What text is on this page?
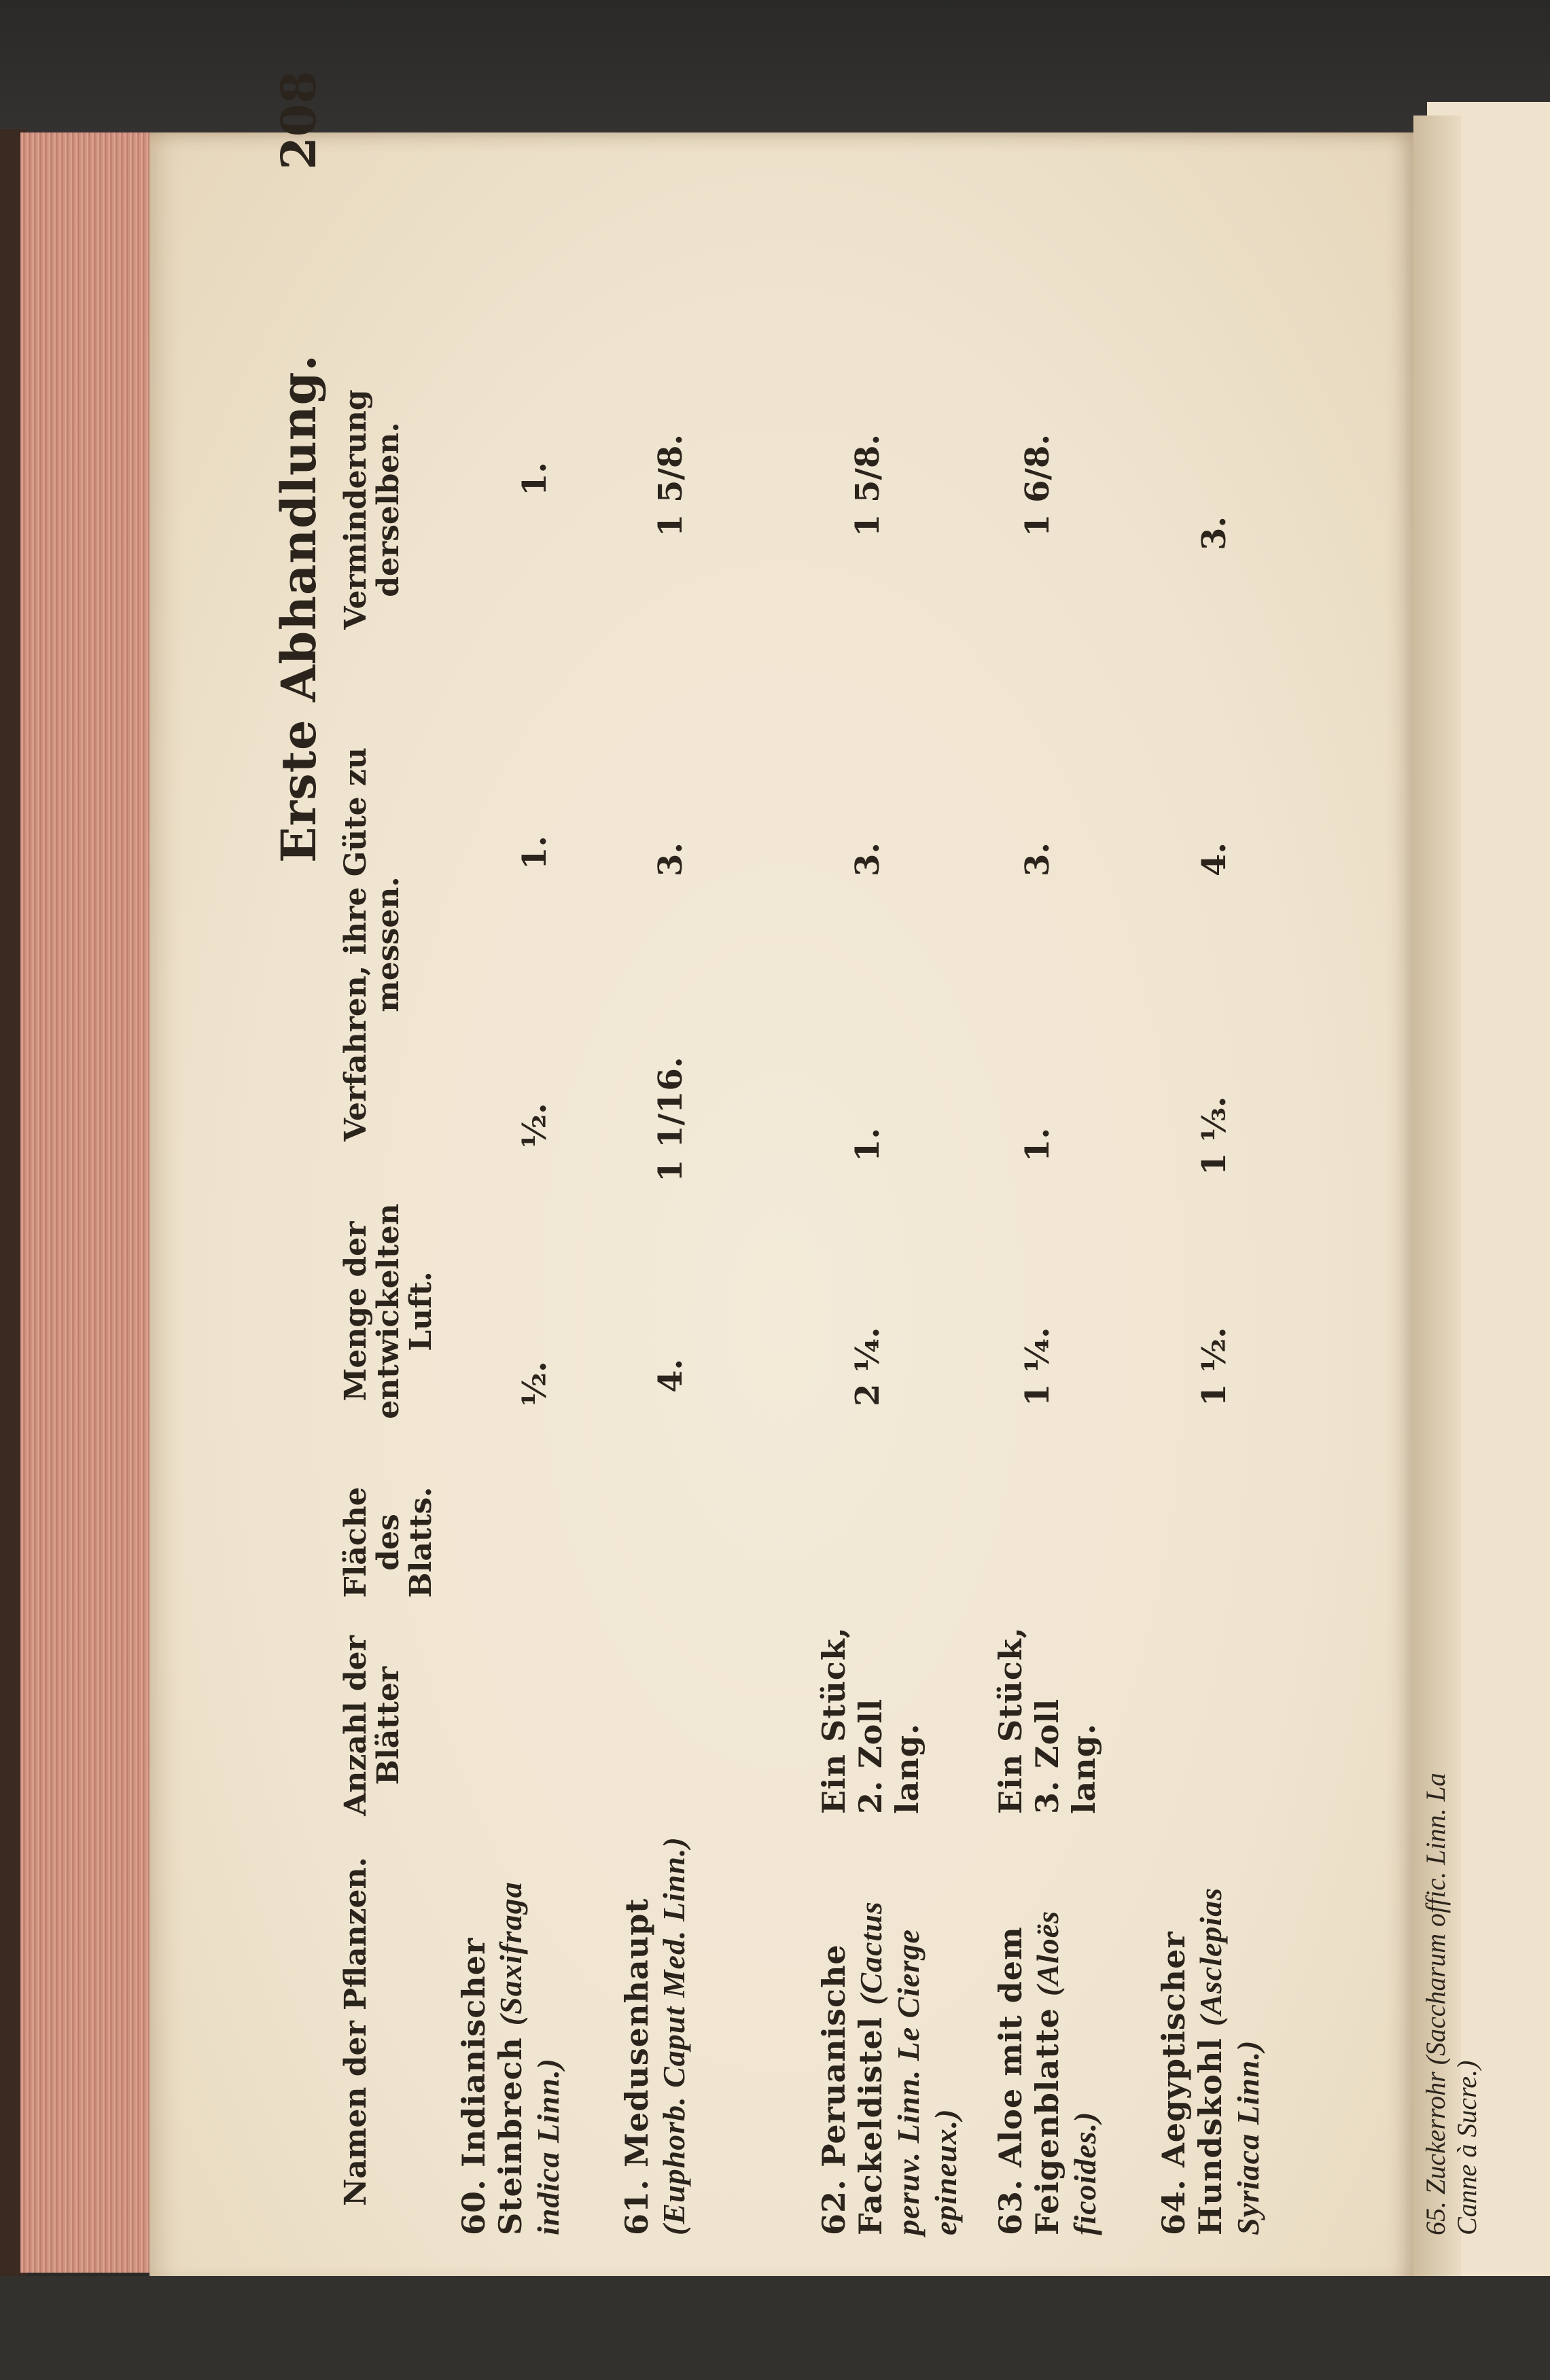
208
Erste Abhandlung.
Namen der Pflanzen.
Anzahl der Blätter
Fläche des Blatts.
Menge der entwickelten Luft.
Verfahren, ihre Güte zu messen.
Verminderung derselben.
60. Indianischer Steinbrech (Saxifraga indica Linn.)
½.
½.
1.
1.
61. Medusenhaupt (Euphorb. Caput Med. Linn.)
4.
1 1/16.
3.
1 5/8.
62. Peruanische Fackeldistel (Cactus peruv. Linn. Le Cierge epineux.)
Ein Stück, 2. Zoll lang.
2 ¼.
1.
3.
1 5/8.
63. Aloe mit dem Feigenblatte (Aloës ficoides.)
Ein Stück, 3. Zoll lang.
1 ¼.
1.
3.
1 6/8.
64. Aegyptischer Hundskohl (Asclepias Syriaca Linn.)
1 ½.
1 ⅓.
4.
3.
65. Zuckerrohr (Saccharum offic. Linn. La Canne à Sucre.)
